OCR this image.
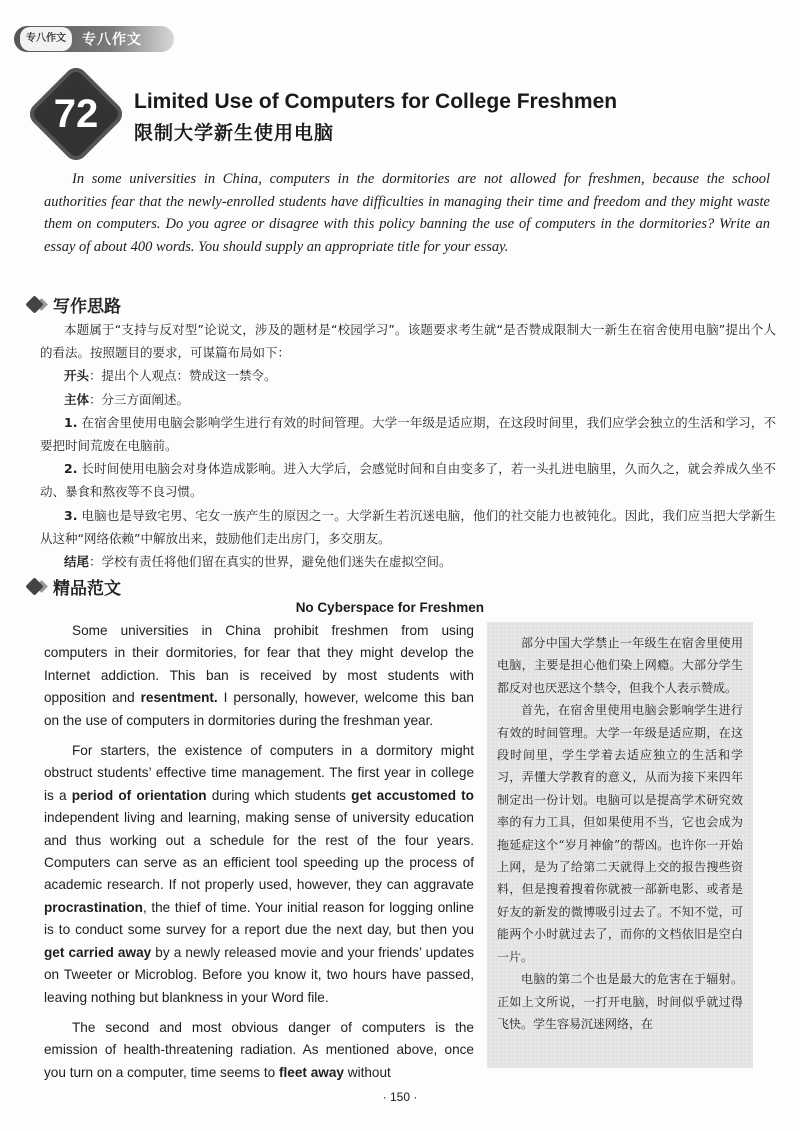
专八作文	专八作文
72	Limited Use of Computers for College Freshmen
限制大学新生使用电脑
In some universities in China, computers in the dormitories are not allowed for freshmen, because the school authorities fear that the newly-enrolled students have difficulties in managing their time and freedom and they might waste them on computers. Do you agree or disagree with this policy banning the use of computers in the dormitories? Write an essay of about 400 words. You should supply an appropriate title for your essay.
写作思路

本题属于“支持与反对型”论说文，涉及的题材是“校园学习”。该题要求考生就“是否赞成限制大一新生在宿舍使用电脑”提出个人的看法。按照题目的要求，可谋篇布局如下：

开头：提出个人观点：赞成这一禁令。

主体：分三方面阐述。

1. 在宿舍里使用电脑会影响学生进行有效的时间管理。大学一年级是适应期，在这段时间里，我们应学会独立的生活和学习，不要把时间荒废在电脑前。

2. 长时间使用电脑会对身体造成影响。进入大学后，会感觉时间和自由变多了，若一头扎进电脑里，久而久之，就会养成久坐不动、暴食和熬夜等不良习惯。

3. 电脑也是导致宅男、宅女一族产生的原因之一。大学新生若沉迷电脑，他们的社交能力也被钝化。因此，我们应当把大学新生从这种“网络依赖”中解放出来，鼓励他们走出房门，多交朋友。

结尾：学校有责任将他们留在真实的世界，避免他们迷失在虚拟空间。

精品范文
No Cyberspace for Freshmen

Some universities in China prohibit freshmen from using computers in their dormitories, for fear that they might develop the Internet addiction. This ban is received by most students with opposition and resentment. I personally, however, welcome this ban on the use of computers in dormitories during the freshman year.

For starters, the existence of computers in a dormitory might obstruct students’ effective time management. The first year in college is a period of orientation during which students get accustomed to independent living and learning, making sense of university education and thus working out a schedule for the rest of the four years. Computers can serve as an efficient tool speeding up the process of academic research. If not properly used, however, they can aggravate procrastination, the thief of time. Your initial reason for logging online is to conduct some survey for a report due the next day, but then you get carried away by a newly released movie and your friends’ updates on Tweeter or Microblog. Before you know it, two hours have passed, leaving nothing but blankness in your Word file.

The second and most obvious danger of computers is the emission of health-threatening radiation. As mentioned above, once you turn on a computer, time seems to fleet away without

部分中国大学禁止一年级生在宿舍里使用电脑，主要是担心他们染上网瘾。大部分学生都反对也厌恶这个禁令，但我个人表示赞成。

首先，在宿舍里使用电脑会影响学生进行有效的时间管理。大学一年级是适应期，在这段时间里，学生学着去适应独立的生活和学习，弄懂大学教育的意义，从而为接下来四年制定出一份计划。电脑可以是提高学术研究效率的有力工具，但如果使用不当，它也会成为拖延症这个“岁月神偷”的帮凶。也许你一开始上网，是为了给第二天就得上交的报告搜些资料，但是搜着搜着你就被一部新电影、或者是好友的新发的微博吸引过去了。不知不觉，可能两个小时就过去了，而你的文档依旧是空白一片。

电脑的第二个也是最大的危害在于辐射。正如上文所说，一打开电脑，时间似乎就过得飞快。学生容易沉迷网络，在

· 150 ·
